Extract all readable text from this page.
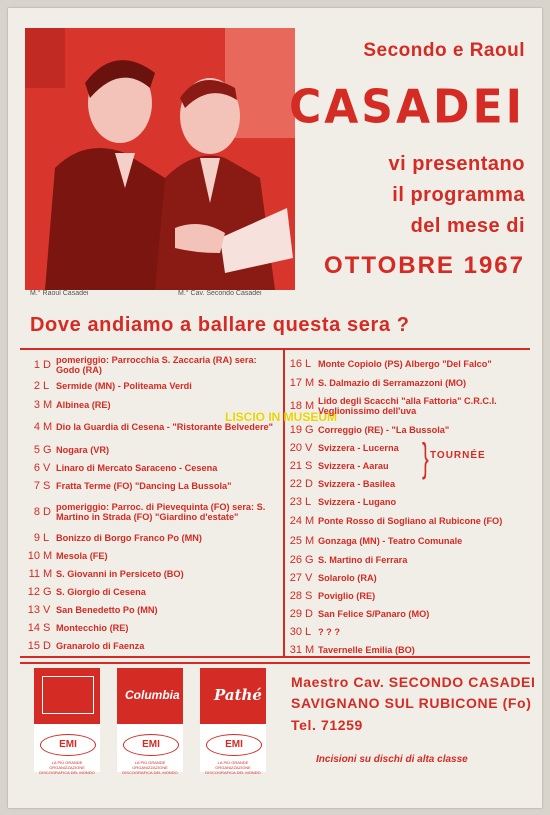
M.° Raoul Casadei	M.° Cav. Secondo Casadei
Secondo e Raoul
CASADEI
vi presentano
il programma
del mese di
OTTOBRE 1967
Dove andiamo a ballare questa sera ?
LISCIO IN MUSEUM
1 D pomeriggio: Parrocchia S. Zaccaria (RA) sera: Godo (RA)
2 L Sermide (MN) - Politeama Verdi
3 M Albinea (RE)
4 M Dio la Guardia di Cesena - "Ristorante Belvedere"
5 G Nogara (VR)
6 V Linaro di Mercato Saraceno - Cesena
7 S Fratta Terme (FO) "Dancing La Bussola"
8 D pomeriggio: Parroc. di Pievequinta (FO) sera: S. Martino in Strada (FO) "Giardino d'estate"
9 L Bonizzo di Borgo Franco Po (MN)
10 M Mesola (FE)
11 M S. Giovanni in Persiceto (BO)
12 G S. Giorgio di Cesena
13 V San Benedetto Po (MN)
14 S Montecchio (RE)
15 D Granarolo di Faenza
16 L Monte Copiolo (PS) Albergo "Del Falco"
17 M S. Dalmazio di Serramazzoni (MO)
18 M Lido degli Scacchi "alla Fattoria" C.R.C.I. Veglionissimo dell'uva
19 G Correggio (RE) - "La Bussola"
20 V Svizzera - Lucerna
21 S Svizzera - Aarau
22 D Svizzera - Basilea
23 L Svizzera - Lugano
24 M Ponte Rosso di Sogliano al Rubicone (FO)
25 M Gonzaga (MN) - Teatro Comunale
26 G S. Martino di Ferrara
27 V Solarolo (RA)
28 S Poviglio (RE)
29 D San Felice S/Panaro (MO)
30 L ? ? ?
31 M Tavernelle Emilia (BO)
} TOURNÉE
EMI
LA PIÙ GRANDE ORGANIZZAZIONE DISCOGRAFICA DEL MONDO
Columbia
EMI
LA PIÙ GRANDE ORGANIZZAZIONE DISCOGRAFICA DEL MONDO
Pathé
EMI
LA PIÙ GRANDE ORGANIZZAZIONE DISCOGRAFICA DEL MONDO
Maestro Cav. SECONDO CASADEI
SAVIGNANO SUL RUBICONE (Fo)
Tel. 71259
Incisioni su dischi di alta classe
